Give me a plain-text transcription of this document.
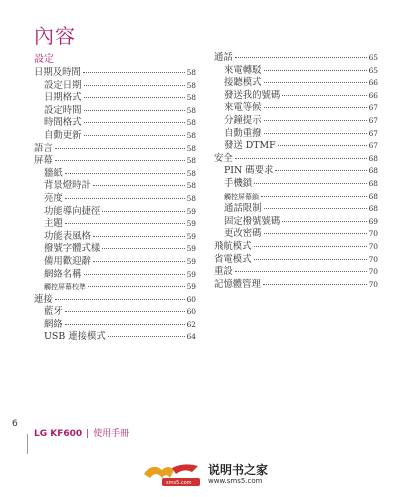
內容
設定
日期及時間	58
設定日期	58
日期格式	58
設定時間	58
時間格式	58
自動更新	58
語言	58
屏幕	58
牆紙	58
背景燈時計	58
亮度	58
功能導向捷徑	59
主題	59
功能表風格	59
撥號字體式樣	59
備用歡迎辭	59
網絡名稱	59
觸控屏幕校準	59
連接	60
藍牙	60
網絡	62
USB 連接模式	64
通話	65
來電轉駁	65
接聽模式	66
發送我的號碼	66
來電等候	67
分鐘提示	67
自動重撥	67
發送 DTMF	67
安全	68
PIN 碼要求	68
手機鎖	68
觸控屏幕鎖	68
通話限制	68
固定撥號號碼	69
更改密碼	70
飛航模式	70
省電模式	70
重設	70
記憶體管理	70
6
LG KF600 | 使用手冊
sms5.com
说明书之家
www.sms5.com
